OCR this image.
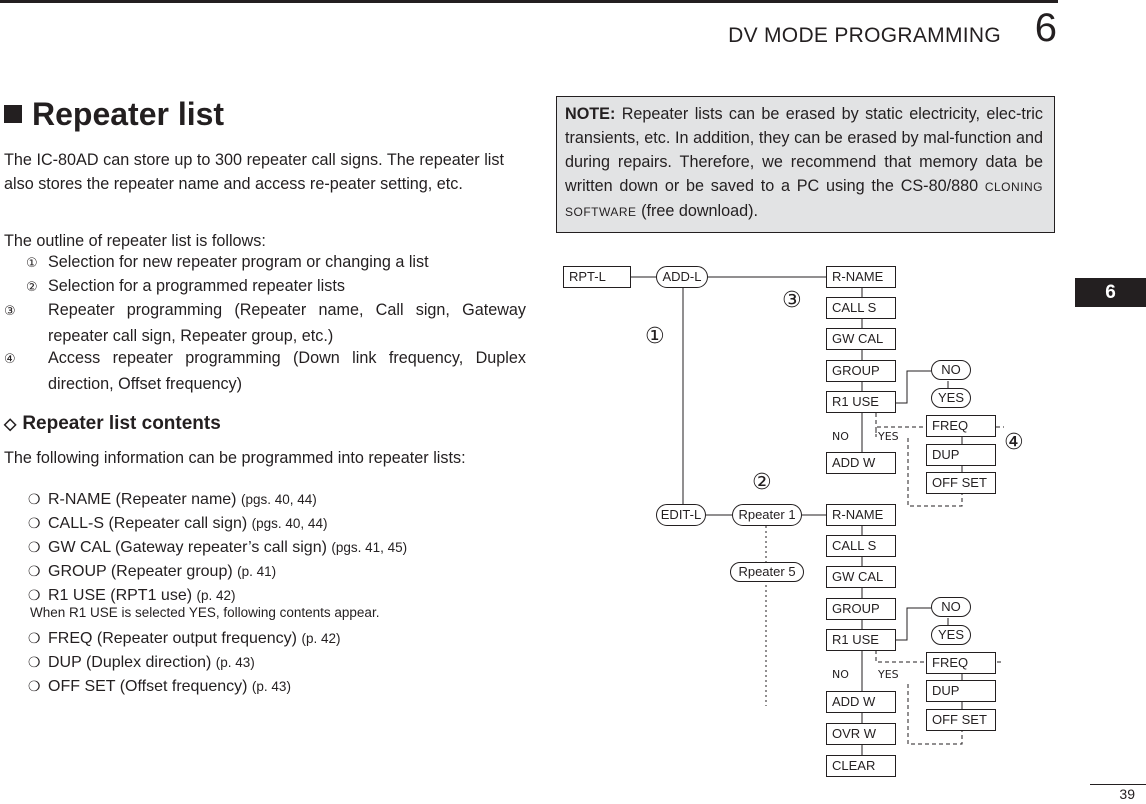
DV MODE PROGRAMMING 6
6
39
Repeater list
The IC-80AD can store up to 300 repeater call signs. The repeater list also stores the repeater name and access re-peater setting, etc.
The outline of repeater list is follows:
① Selection for new repeater program or changing a list
② Selection for a programmed repeater lists
③ Repeater programming (Repeater name, Call sign, Gateway repeater call sign, Repeater group, etc.)
④ Access repeater programming (Down link frequency, Duplex direction, Offset frequency)
◇ Repeater list contents
The following information can be programmed into repeater lists:
❍ R-NAME (Repeater name) (pgs. 40, 44)
❍ CALL-S (Repeater call sign) (pgs. 40, 44)
❍ GW CAL (Gateway repeater’s call sign) (pgs. 41, 45)
❍ GROUP (Repeater group) (p. 41)
❍ R1 USE (RPT1 use) (p. 42)
When R1 USE is selected YES, following contents appear.
❍ FREQ (Repeater output frequency) (p. 42)
❍ DUP (Duplex direction) (p. 43)
❍ OFF SET (Offset frequency) (p. 43)
NOTE: Repeater lists can be erased by static electricity, elec-tric transients, etc. In addition, they can be erased by mal-function and during repairs. Therefore, we recommend that memory data be written down or be saved to a PC using the CS-80/880 CLONING SOFTWARE (free download).
RPT-L	ADD-L
EDIT-L	Rpeater 1
Rpeater 5
R-NAME
CALL S
GW CAL
GROUP
R1 USE
ADD W
R-NAME
CALL S
GW CAL
GROUP
R1 USE
ADD W
OVR W
CLEAR
NO
YES
NO
YES
FREQ
DUP
OFF SET
FREQ
DUP
OFF SET
NO	YES
NO	YES
①
②
③
④
